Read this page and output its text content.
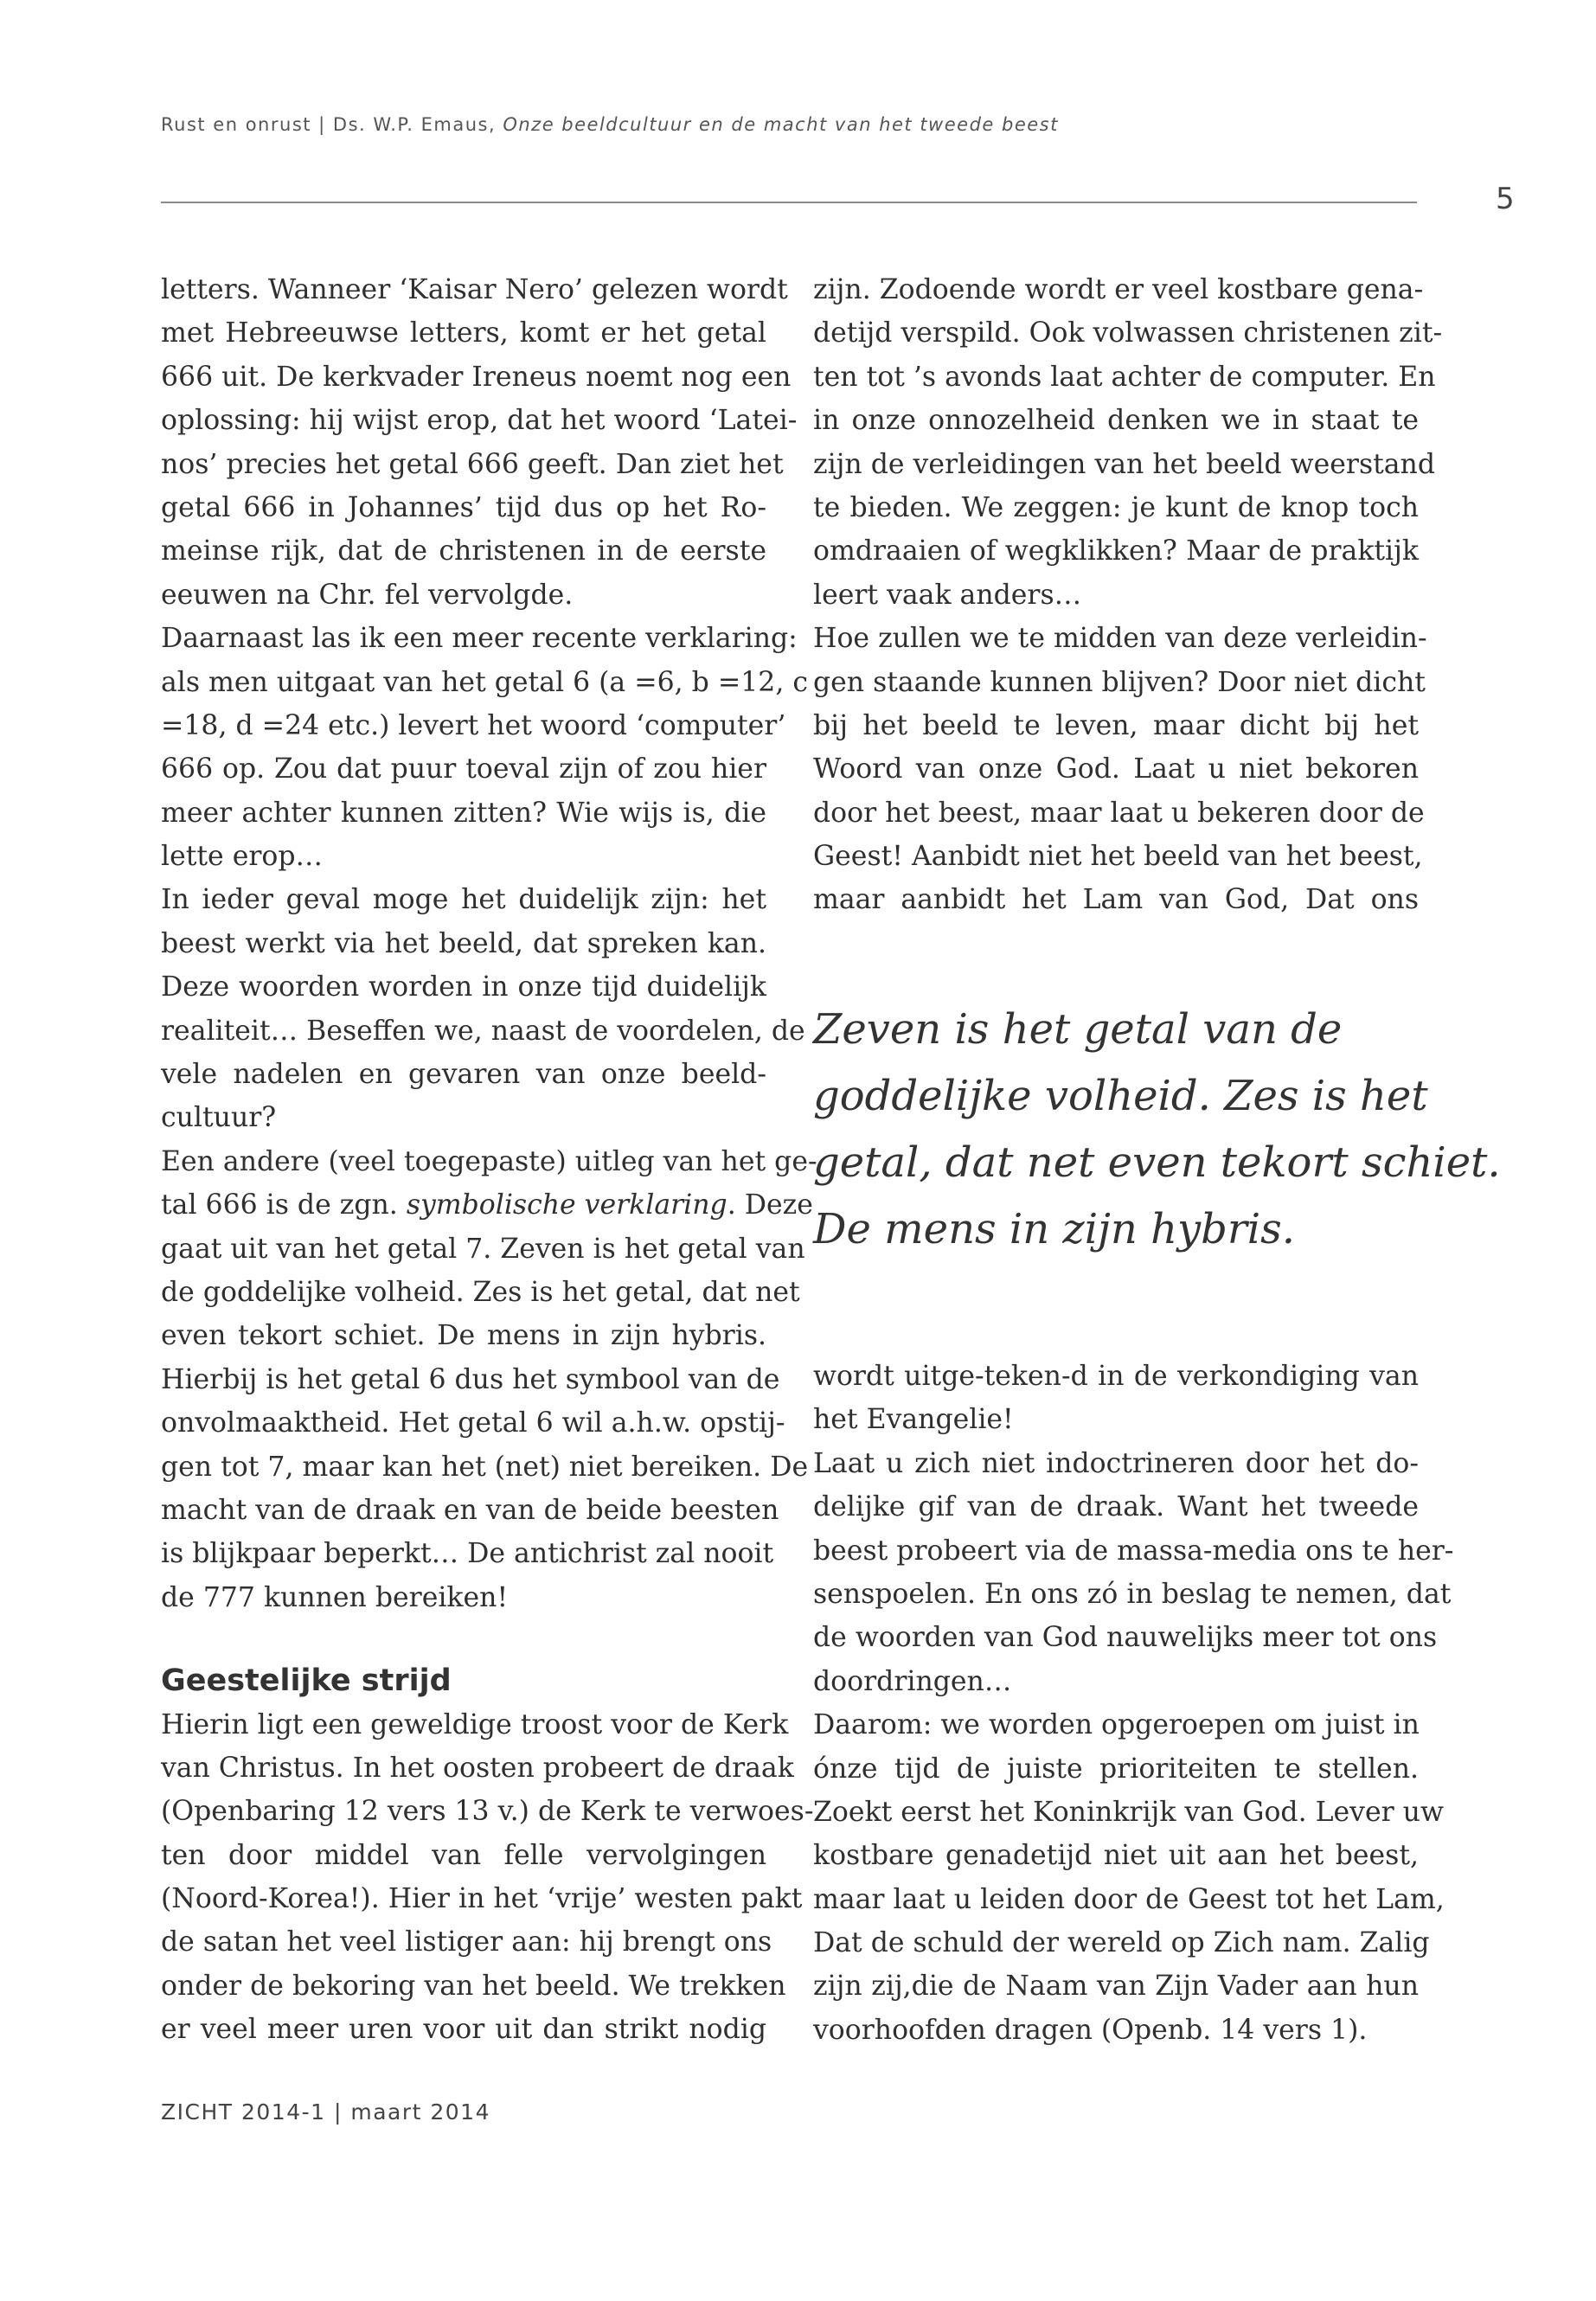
Rust en onrust | Ds. W.P. Emaus, Onze beeldcultuur en de macht van het tweede beest
5
letters. Wanneer ‘Kaisar Nero’ gelezen wordt
met Hebreeuwse letters, komt er het getal
666 uit. De kerkvader Ireneus noemt nog een
oplossing: hij wijst erop, dat het woord ‘Latei-
nos’ precies het getal 666 geeft. Dan ziet het
getal 666 in Johannes’ tijd dus op het Ro-
meinse rijk, dat de christenen in de eerste
eeuwen na Chr. fel vervolgde.
Daarnaast las ik een meer recente verklaring:
als men uitgaat van het getal 6 (a =6, b =12, c
=18, d =24 etc.) levert het woord ‘computer’
666 op. Zou dat puur toeval zijn of zou hier
meer achter kunnen zitten? Wie wijs is, die
lette erop…
In ieder geval moge het duidelijk zijn: het
beest werkt via het beeld, dat spreken kan.
Deze woorden worden in onze tijd duidelijk
realiteit… Beseffen we, naast de voordelen, de
vele nadelen en gevaren van onze beeld-
cultuur?
Een andere (veel toegepaste) uitleg van het ge-
tal 666 is de zgn. symbolische verklaring. Deze
gaat uit van het getal 7. Zeven is het getal van
de goddelijke volheid. Zes is het getal, dat net
even tekort schiet. De mens in zijn hybris.
Hierbij is het getal 6 dus het symbool van de
onvolmaaktheid. Het getal 6 wil a.h.w. opstij-
gen tot 7, maar kan het (net) niet bereiken. De
macht van de draak en van de beide beesten
is blijkpaar beperkt… De antichrist zal nooit
de 777 kunnen bereiken!
Geestelijke strijd
Hierin ligt een geweldige troost voor de Kerk
van Christus. In het oosten probeert de draak
(Openbaring 12 vers 13 v.) de Kerk te verwoes-
ten door middel van felle vervolgingen
(Noord-Korea!). Hier in het ‘vrije’ westen pakt
de satan het veel listiger aan: hij brengt ons
onder de bekoring van het beeld. We trekken
er veel meer uren voor uit dan strikt nodig
zijn. Zodoende wordt er veel kostbare gena-
detijd verspild. Ook volwassen christenen zit-
ten tot ’s avonds laat achter de computer. En
in onze onnozelheid denken we in staat te
zijn de verleidingen van het beeld weerstand
te bieden. We zeggen: je kunt de knop toch
omdraaien of wegklikken? Maar de praktijk
leert vaak anders…
Hoe zullen we te midden van deze verleidin-
gen staande kunnen blijven? Door niet dicht
bij het beeld te leven, maar dicht bij het
Woord van onze God. Laat u niet bekoren
door het beest, maar laat u bekeren door de
Geest! Aanbidt niet het beeld van het beest,
maar aanbidt het Lam van God, Dat ons
Zeven is het getal van de
goddelijke volheid. Zes is het
getal, dat net even tekort schiet.
De mens in zijn hybris.
wordt uitge-teken-d in de verkondiging van
het Evangelie!
Laat u zich niet indoctrineren door het do-
delijke gif van de draak. Want het tweede
beest probeert via de massa-media ons te her-
senspoelen. En ons zó in beslag te nemen, dat
de woorden van God nauwelijks meer tot ons
doordringen…
Daarom: we worden opgeroepen om juist in
ónze tijd de juiste prioriteiten te stellen.
Zoekt eerst het Koninkrijk van God. Lever uw
kostbare genadetijd niet uit aan het beest,
maar laat u leiden door de Geest tot het Lam,
Dat de schuld der wereld op Zich nam. Zalig
zijn zij,die de Naam van Zijn Vader aan hun
voorhoofden dragen (Openb. 14 vers 1).
ZICHT 2014-1 | maart 2014
